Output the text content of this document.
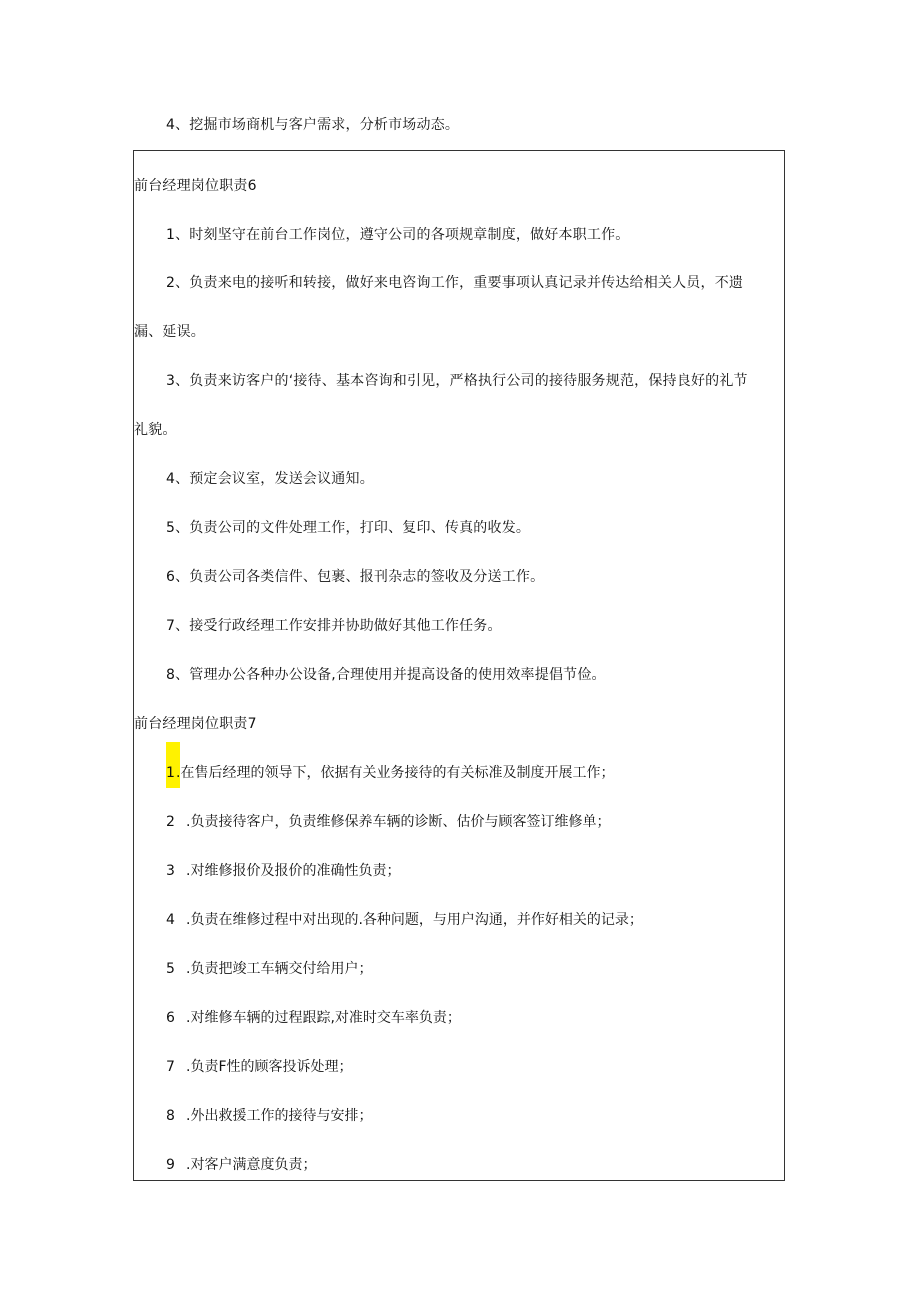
4、挖掘市场商机与客户需求，分析市场动态。
前台经理岗位职责6
1、时刻坚守在前台工作岗位，遵守公司的各项规章制度，做好本职工作。
2、负责来电的接听和转接，做好来电咨询工作，重要事项认真记录并传达给相关人员，不遗
漏、延误。
3、负责来访客户的‘接待、基本咨询和引见，严格执行公司的接待服务规范，保持良好的礼节
礼貌。
4、预定会议室，发送会议通知。
5、负责公司的文件处理工作，打印、复印、传真的收发。
6、负责公司各类信件、包裹、报刊杂志的签收及分送工作。
7、接受行政经理工作安排并协助做好其他工作任务。
8、管理办公各种办公设备,合理使用并提高设备的使用效率提倡节俭。
前台经理岗位职责7
1 .在售后经理的领导下，依据有关业务接待的有关标准及制度开展工作；
2 .负责接待客户，负责维修保养车辆的诊断、估价与顾客签订维修单；
3 .对维修报价及报价的准确性负责；
4 .负责在维修过程中对出现的.各种问题，与用户沟通，并作好相关的记录；
5 .负责把竣工车辆交付给用户；
6 .对维修车辆的过程跟踪,对准时交车率负责；
7 .负责F性的顾客投诉处理；
8 .外出救援工作的接待与安排；
9 .对客户满意度负责；
